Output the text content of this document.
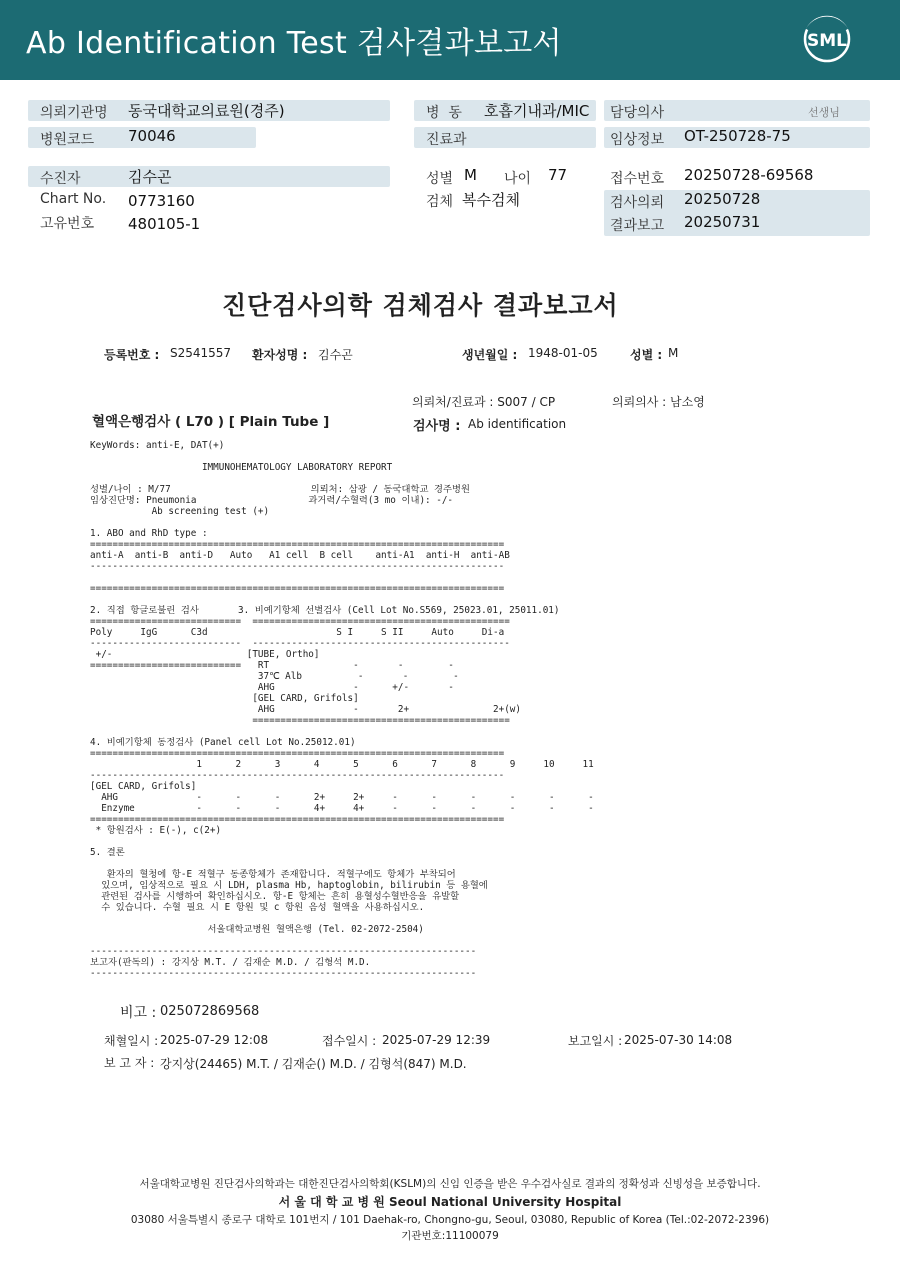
Ab Identification Test 검사결과보고서	SML
의뢰기관명 동국대학교의료원(경주)	병  동 호흡기내과/MIC 담당의사	선생님
병원코드 70046	진료과	임상정보 OT-250728-75
수진자	김수곤	성별 M 나이 77	접수번호 20250728-69568
Chart No. 0773160	검체 복수검체	검사의뢰 20250728
고유번호 480105-1	결과보고 20250731
진단검사의학 검체검사 결과보고서
등록번호 : S2541557 환자성명 : 김수곤	생년월일 : 1948-01-05	성별 : M
의뢰처/진료과 : S007 / CP	의뢰의사 : 남소영
혈액은행검사 ( L70 ) [ Plain Tube ]	검사명 : Ab identification
KeyWords: anti-E, DAT(+)

IMMUNOHEMATOLOGY LABORATORY REPORT

성별/나이 : M/77                         의뢰처: 삼광 / 동국대학교 경주병원
임상진단명: Pneumonia                    과거력/수혈력(3 mo 이내): -/-
Ab screening test (+)

1. ABO and RhD type :
==========================================================================
anti-A  anti-B  anti-D   Auto   A1 cell  B cell    anti-A1  anti-H  anti-AB
--------------------------------------------------------------------------

==========================================================================

2. 직접 항글로불린 검사       3. 비예기항체 선별검사 (Cell Lot No.S569, 25023.01, 25011.01)
===========================  ==============================================
Poly     IgG      C3d                       S I     S II     Auto     Di-a
---------------------------  ----------------------------------------------
+/-                        [TUBE, Ortho]
===========================   RT               -       -        -
37℃ Alb          -       -        -
AHG              -      +/-       -
[GEL CARD, Grifols]
AHG              -       2+               2+(w)
==============================================

4. 비예기항체 동정검사 (Panel cell Lot No.25012.01)
==========================================================================
1      2      3      4      5      6      7      8      9     10     11
--------------------------------------------------------------------------
[GEL CARD, Grifols]
AHG              -      -      -      2+     2+     -      -      -      -      -      -
Enzyme           -      -      -      4+     4+     -      -      -      -      -      -
==========================================================================
* 항원검사 : E(-), c(2+)

5. 결론

환자의 혈청에 항-E 적혈구 동종항체가 존재합니다. 적혈구에도 항체가 부착되어
있으며, 임상적으로 필요 시 LDH, plasma Hb, haptoglobin, bilirubin 등 용혈에
관련된 검사를 시행하여 확인하십시오. 항-E 항체는 흔히 용혈성수혈반응을 유발할
수 있습니다. 수혈 필요 시 E 항원 및 c 항원 음성 혈액을 사용하십시오.

서울대학교병원 혈액은행 (Tel. 02-2072-2504)

---------------------------------------------------------------------
보고자(판독의) : 강지상 M.T. / 김재순 M.D. / 김형석 M.D.
---------------------------------------------------------------------
비고 : 025072869568
채혈일시 : 2025-07-29 12:08	접수일시 : 2025-07-29 12:39	보고일시 : 2025-07-30 14:08
보 고 자 : 강지상(24465) M.T. / 김재순() M.D. / 김형석(847) M.D.
서울대학교병원 진단검사의학과는 대한진단검사의학회(KSLM)의 신임 인증을 받은 우수검사실로 결과의 정확성과 신빙성을 보증합니다.
서 울 대 학 교 병 원 Seoul National University Hospital
03080 서울특별시 종로구 대학로 101번지 / 101 Daehak-ro, Chongno-gu, Seoul, 03080, Republic of Korea (Tel.:02-2072-2396)
기관번호:11100079
